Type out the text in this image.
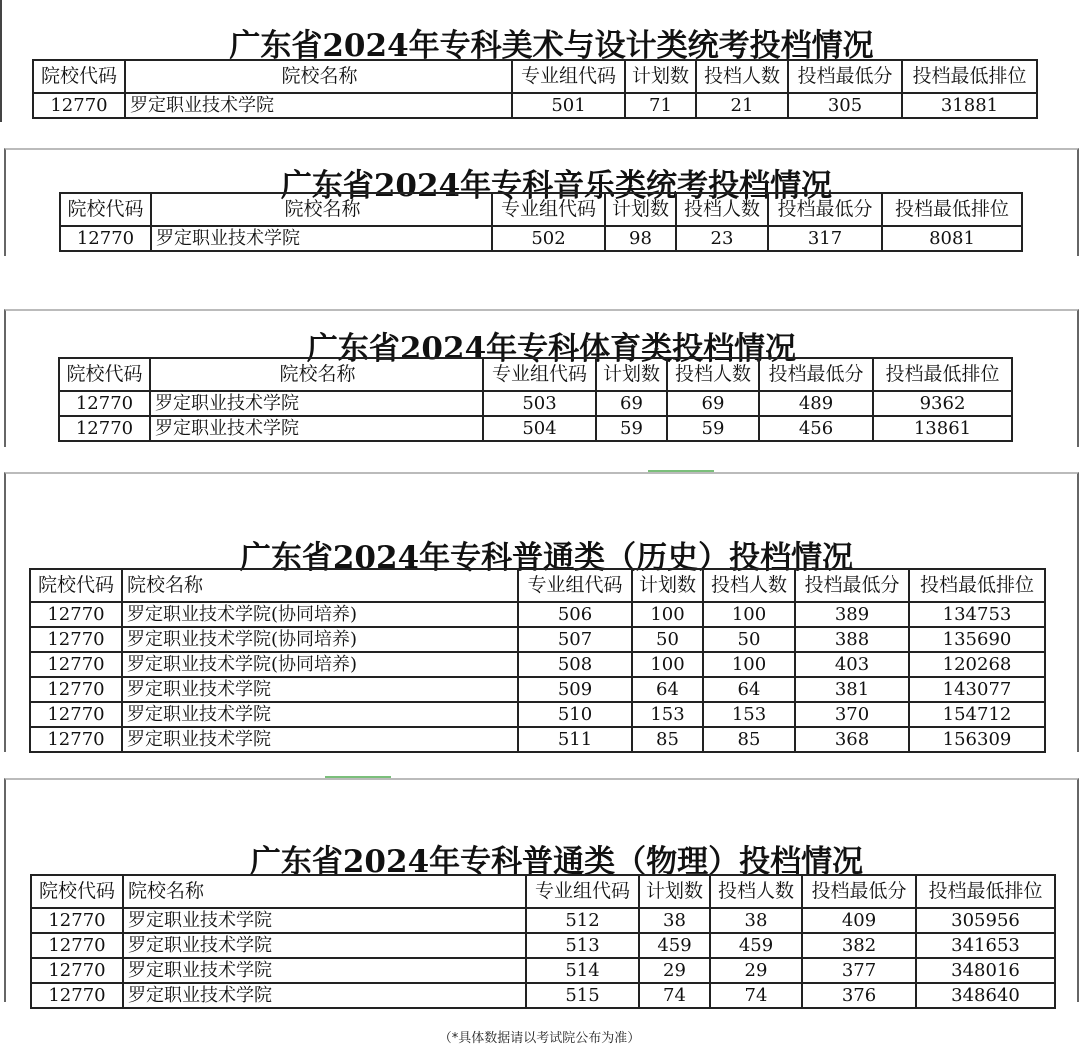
广东省2024年专科美术与设计类统考投档情况
院校代码	院校名称	专业组代码	计划数	投档人数	投档最低分	投档最低排位
12770	罗定职业技术学院	501	71	21	305	31881
广东省2024年专科音乐类统考投档情况
院校代码	院校名称	专业组代码	计划数	投档人数	投档最低分	投档最低排位
12770	罗定职业技术学院	502	98	23	317	8081
广东省2024年专科体育类投档情况
院校代码	院校名称	专业组代码	计划数	投档人数	投档最低分	投档最低排位
12770	罗定职业技术学院	503	69	69	489	9362
12770	罗定职业技术学院	504	59	59	456	13861
广东省2024年专科普通类（历史）投档情况
院校代码	院校名称	专业组代码	计划数	投档人数	投档最低分	投档最低排位
12770	罗定职业技术学院(协同培养)	506	100	100	389	134753
12770	罗定职业技术学院(协同培养)	507	50	50	388	135690
12770	罗定职业技术学院(协同培养)	508	100	100	403	120268
12770	罗定职业技术学院	509	64	64	381	143077
12770	罗定职业技术学院	510	153	153	370	154712
12770	罗定职业技术学院	511	85	85	368	156309
广东省2024年专科普通类（物理）投档情况
院校代码	院校名称	专业组代码	计划数	投档人数	投档最低分	投档最低排位
12770	罗定职业技术学院	512	38	38	409	305956
12770	罗定职业技术学院	513	459	459	382	341653
12770	罗定职业技术学院	514	29	29	377	348016
12770	罗定职业技术学院	515	74	74	376	348640
（*具体数据请以考试院公布为准）
